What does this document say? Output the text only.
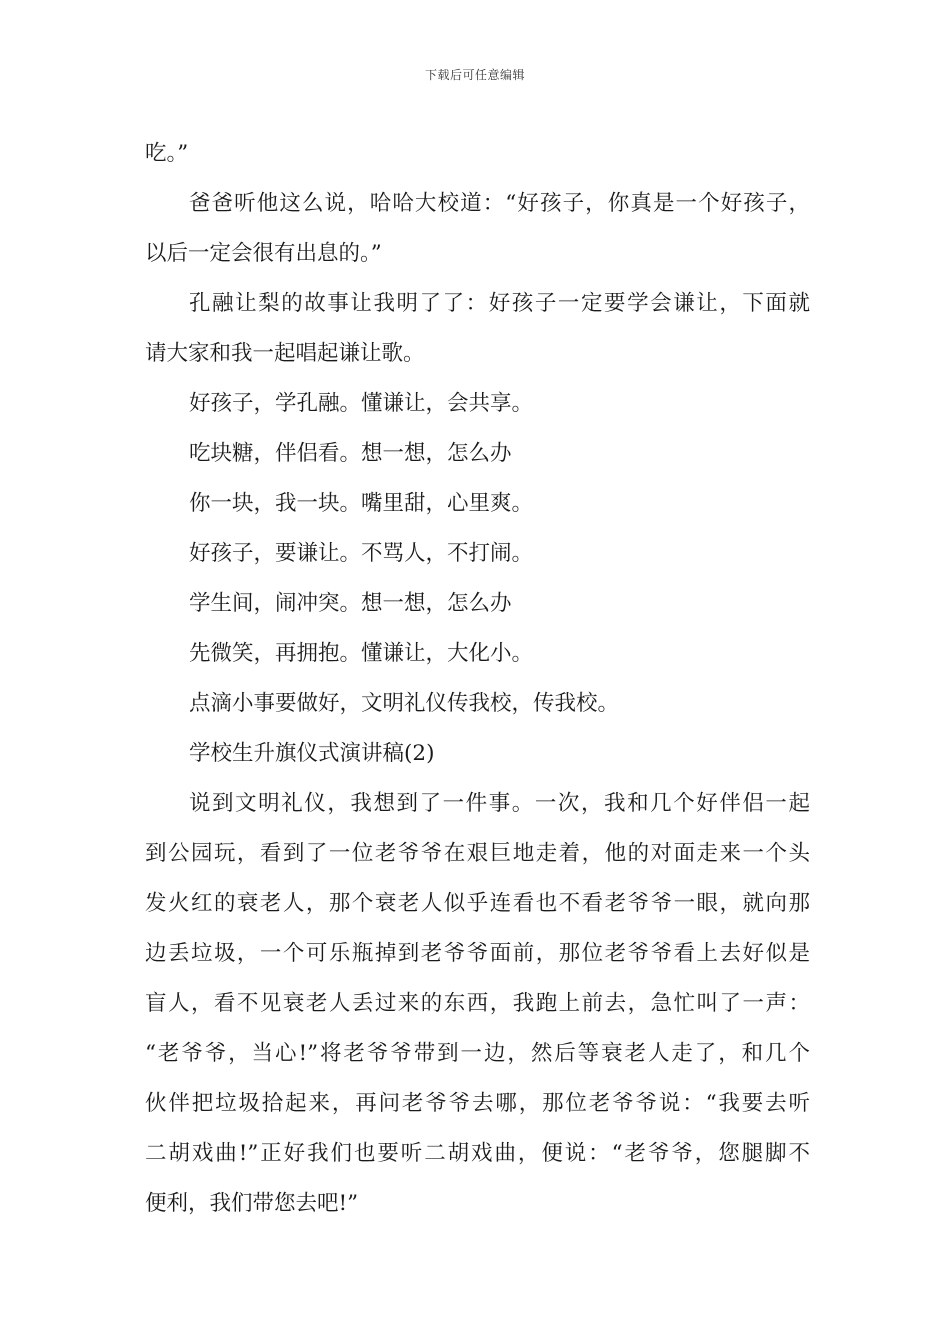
下载后可任意编辑

吃。”

爸爸听他这么说，哈哈大校道：“好孩子，你真是一个好孩子，
以后一定会很有出息的。”

孔融让梨的故事让我明了了：好孩子一定要学会谦让，下面就
请大家和我一起唱起谦让歌。

好孩子，学孔融。懂谦让，会共享。

吃块糖，伴侣看。想一想，怎么办

你一块，我一块。嘴里甜，心里爽。

好孩子，要谦让。不骂人，不打闹。

学生间，闹冲突。想一想，怎么办

先微笑，再拥抱。懂谦让，大化小。

点滴小事要做好，文明礼仪传我校，传我校。

学校生升旗仪式演讲稿(2)

说到文明礼仪，我想到了一件事。一次，我和几个好伴侣一起
到公园玩，看到了一位老爷爷在艰巨地走着，他的对面走来一个头
发火红的衰老人，那个衰老人似乎连看也不看老爷爷一眼，就向那
边丢垃圾，一个可乐瓶掉到老爷爷面前，那位老爷爷看上去好似是
盲人，看不见衰老人丢过来的东西，我跑上前去，急忙叫了一声：
“老爷爷，当心!”将老爷爷带到一边，然后等衰老人走了，和几个
伙伴把垃圾拾起来，再问老爷爷去哪，那位老爷爷说：“我要去听
二胡戏曲!”正好我们也要听二胡戏曲，便说：“老爷爷，您腿脚不
便利，我们带您去吧!”
